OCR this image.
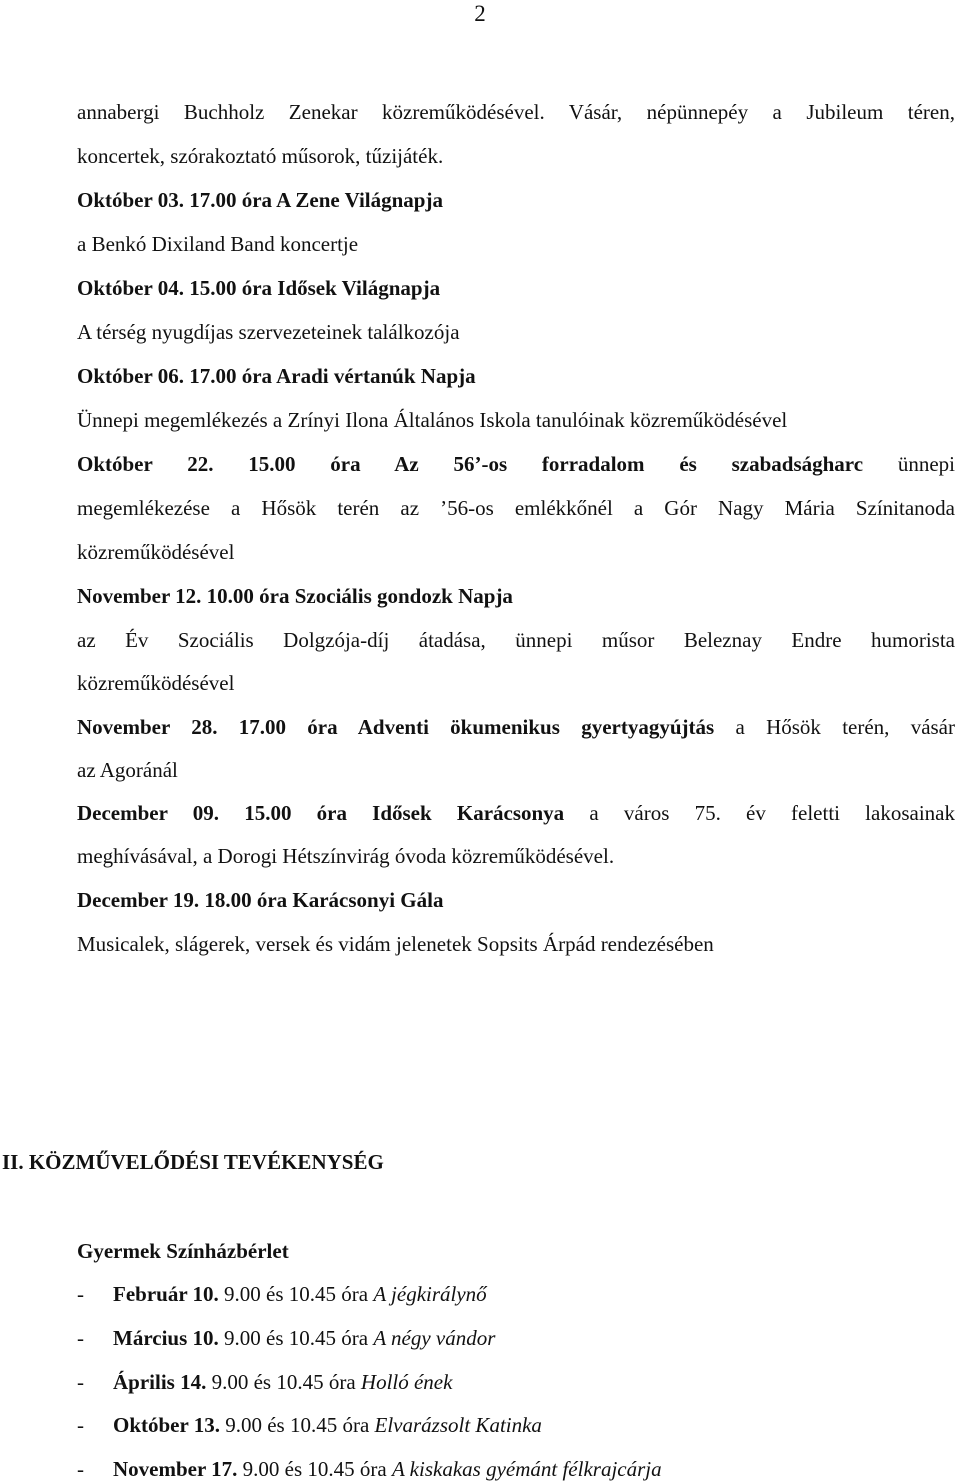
2
annabergi Buchholz Zenekar közreműködésével. Vásár, népünnepéy a Jubileum téren,
koncertek, szórakoztató műsorok, tűzijáték.
Október 03. 17.00 óra A Zene Világnapja
a Benkó Dixiland Band koncertje
Október 04. 15.00 óra Idősek Világnapja
A térség nyugdíjas szervezeteinek találkozója
Október 06. 17.00 óra Aradi vértanúk Napja
Ünnepi megemlékezés a Zrínyi Ilona Általános Iskola tanulóinak közreműködésével
Október 22. 15.00 óra Az 56’-os forradalom és szabadságharc ünnepi
megemlékezése a Hősök terén az ’56-os emlékkőnél a Gór Nagy Mária Színitanoda
közreműködésével
November 12. 10.00 óra Szociális gondozk Napja
az Év Szociális Dolgzója-díj átadása, ünnepi műsor Beleznay Endre humorista
közreműködésével
November 28. 17.00 óra Adventi ökumenikus gyertyagyújtás a Hősök terén, vásár
az Agoránál
December 09. 15.00 óra Idősek Karácsonya a város 75. év feletti lakosainak
meghívásával, a Dorogi Hétszínvirág óvoda közreműködésével.
December 19. 18.00 óra Karácsonyi Gála
Musicalek, slágerek, versek és vidám jelenetek Sopsits Árpád rendezésében
II. KÖZMŰVELŐDÉSI TEVÉKENYSÉG
Gyermek Színházbérlet
- Február 10. 9.00 és 10.45 óra A jégkirálynő
- Március 10. 9.00 és 10.45 óra A négy vándor
- Április 14. 9.00 és 10.45 óra Holló ének
- Október 13. 9.00 és 10.45 óra Elvarázsolt Katinka
- November 17. 9.00 és 10.45 óra A kiskakas gyémánt félkrajcárja
